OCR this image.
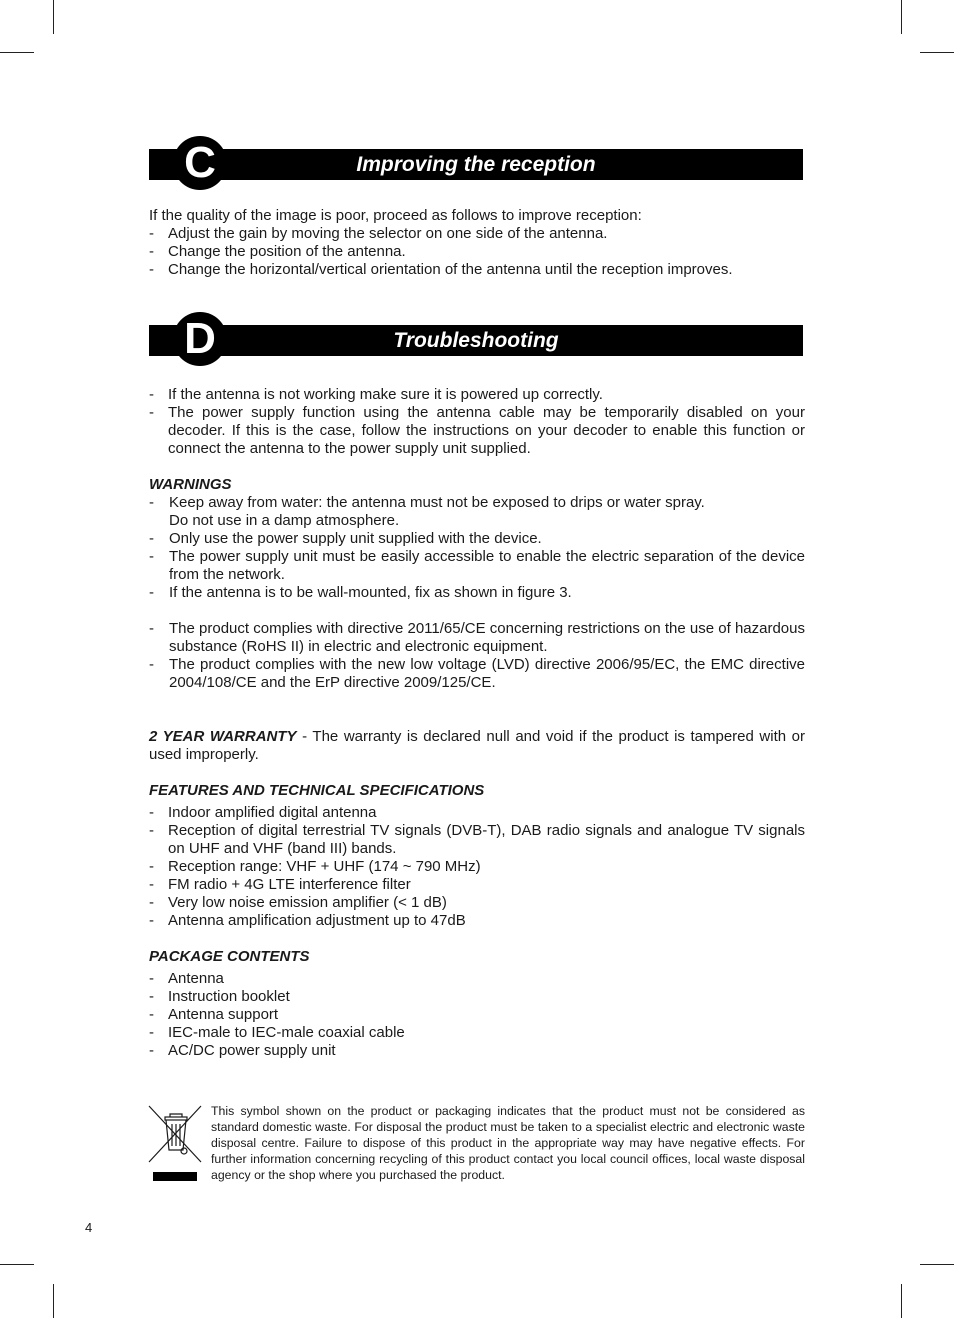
Improving the reception
C

If the quality of the image is poor, proceed as follows to improve reception:

- Adjust the gain by moving the selector on one side of the antenna.
- Change the position of the antenna.
- Change the horizontal/vertical orientation of the antenna until the reception improves.
Troubleshooting
D
- If the antenna is not working make sure it is powered up correctly.
- The power supply function using the antenna cable may be temporarily disabled on your decoder. If this is the case, follow the instructions on your decoder to enable this function or connect the antenna to the power supply unit supplied.

WARNINGS

- Keep away from water: the antenna must not be exposed to drips or water spray.
Do not use in a damp atmosphere.
- Only use the power supply unit supplied with the device.
- The power supply unit must be easily accessible to enable the electric separation of the device from the network.
- If the antenna is to be wall-mounted, fix as shown in figure 3.
- The product complies with directive 2011/65/CE concerning restrictions on the use of hazardous substance (RoHS II) in electric and electronic equipment.
- The product complies with the new low voltage (LVD) directive 2006/95/EC, the EMC directive 2004/108/CE and the ErP directive 2009/125/CE.

2 YEAR WARRANTY - The warranty is declared null and void if the product is tampered with or used improperly.

FEATURES AND TECHNICAL SPECIFICATIONS

- Indoor amplified digital antenna
- Reception of digital terrestrial TV signals (DVB-T), DAB radio signals and analogue TV signals on UHF and VHF (band III) bands.
- Reception range: VHF + UHF (174 ~ 790 MHz)
- FM radio + 4G LTE interference filter
- Very low noise emission amplifier (< 1 dB)
- Antenna amplification adjustment up to 47dB

PACKAGE CONTENTS

- Antenna
- Instruction booklet
- Antenna support
- IEC-male to IEC-male coaxial cable
- AC/DC power supply unit

This symbol shown on the product or packaging indicates that the product must not be considered as standard domestic waste. For disposal the product must be taken to a specialist electric and electronic waste disposal centre. Failure to dispose of this product in the appropriate way may have negative effects. For further information concerning recycling of this product contact you local council offices, local waste disposal agency or the shop where you purchased the product.

4
